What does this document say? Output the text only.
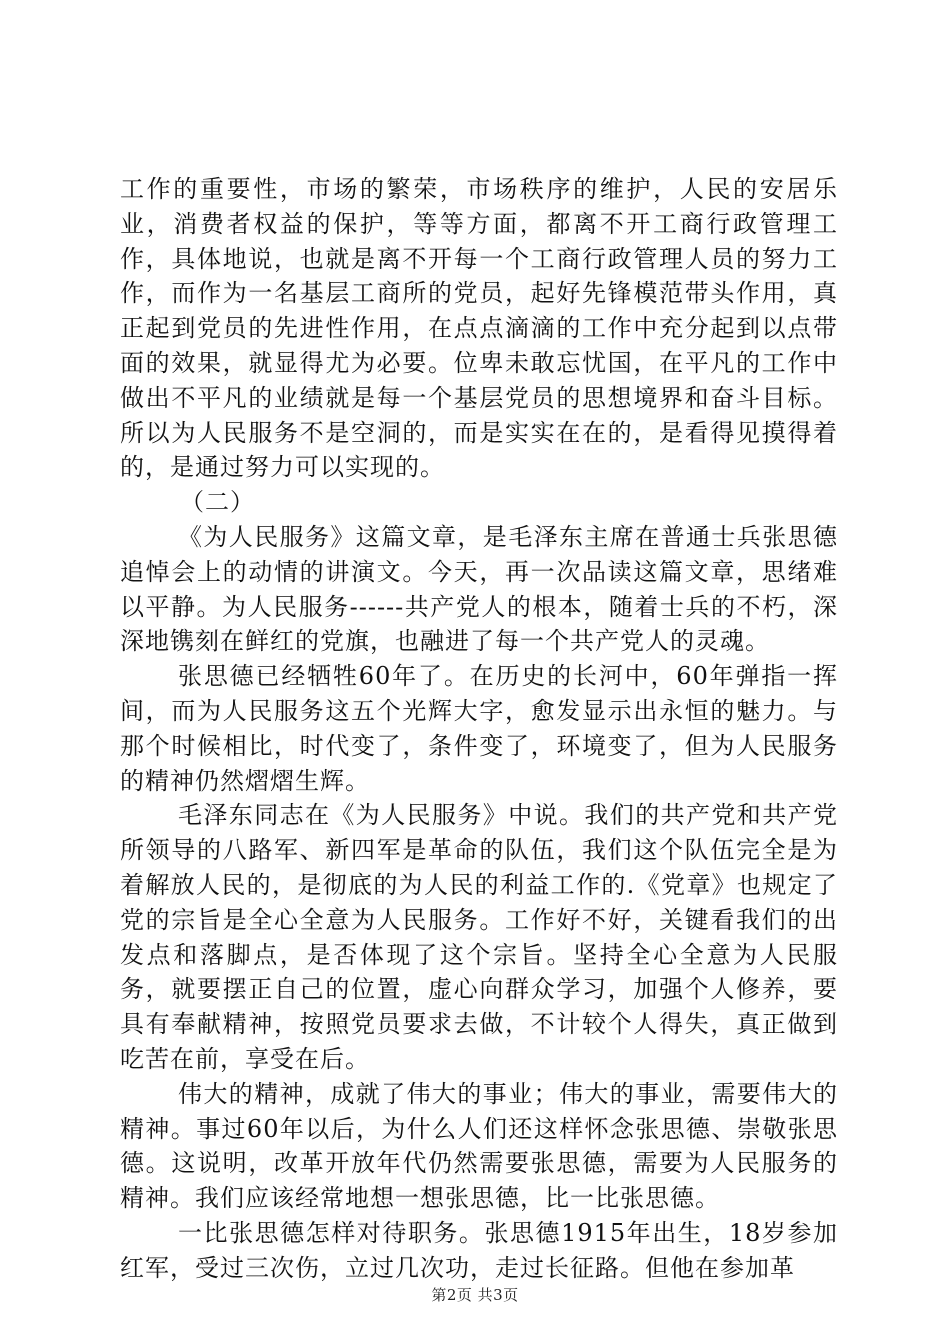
工作的重要性，市场的繁荣，市场秩序的维护，人民的安居乐业，消费者权益的保护，等等方面，都离不开工商行政管理工作，具体地说，也就是离不开每一个工商行政管理人员的努力工作，而作为一名基层工商所的党员，起好先锋模范带头作用，真正起到党员的先进性作用，在点点滴滴的工作中充分起到以点带面的效果，就显得尤为必要。位卑未敢忘忧国，在平凡的工作中做出不平凡的业绩就是每一个基层党员的思想境界和奋斗目标。所以为人民服务不是空洞的，而是实实在在的，是看得见摸得着的，是通过努力可以实现的。

（二）

《为人民服务》这篇文章，是毛泽东主席在普通士兵张思德追悼会上的动情的讲演文。今天，再一次品读这篇文章，思绪难以平静。为人民服务------共产党人的根本，随着士兵的不朽，深深地镌刻在鲜红的党旗，也融进了每一个共产党人的灵魂。

张思德已经牺牲60年了。在历史的长河中，60年弹指一挥间，而为人民服务这五个光辉大字，愈发显示出永恒的魅力。与那个时候相比，时代变了，条件变了，环境变了，但为人民服务的精神仍然熠熠生辉。

毛泽东同志在《为人民服务》中说。我们的共产党和共产党所领导的八路军、新四军是革命的队伍，我们这个队伍完全是为着解放人民的，是彻底的为人民的利益工作的.《党章》也规定了党的宗旨是全心全意为人民服务。工作好不好，关键看我们的出发点和落脚点，是否体现了这个宗旨。坚持全心全意为人民服务，就要摆正自己的位置，虚心向群众学习，加强个人修养，要具有奉献精神，按照党员要求去做，不计较个人得失，真正做到吃苦在前，享受在后。

伟大的精神，成就了伟大的事业；伟大的事业，需要伟大的精神。事过60年以后，为什么人们还这样怀念张思德、崇敬张思德。这说明，改革开放年代仍然需要张思德，需要为人民服务的精神。我们应该经常地想一想张思德，比一比张思德。

一比张思德怎样对待职务。张思德1915年出生，18岁参加红军，受过三次伤，立过几次功，走过长征路。但他在参加革

第2页 共3页
